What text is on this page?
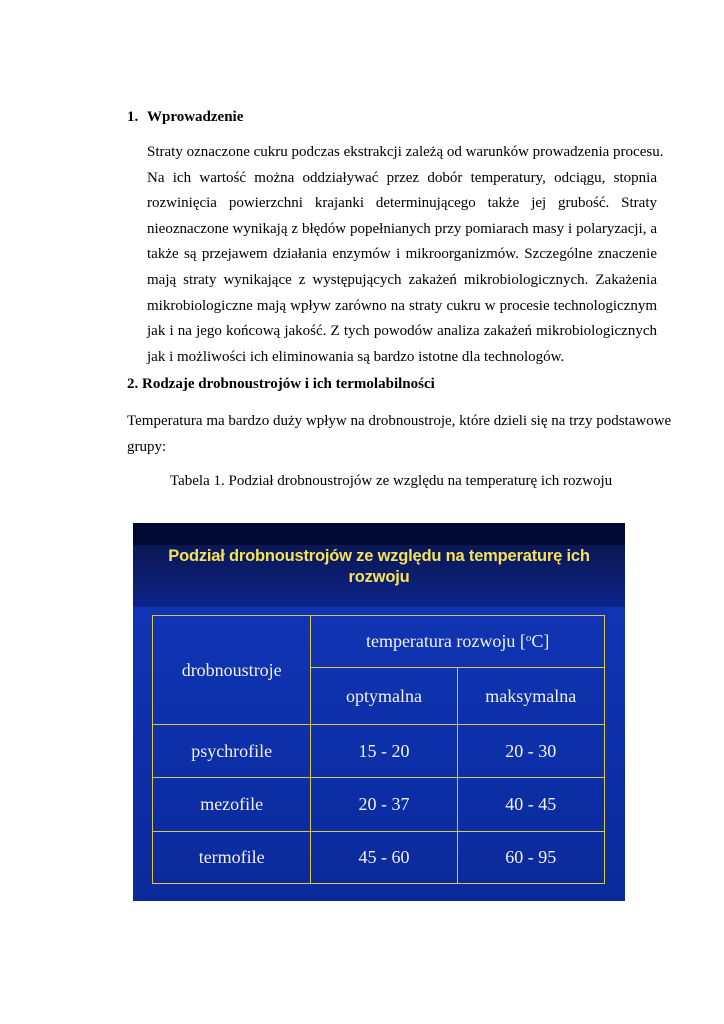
1. Wprowadzenie
Straty oznaczone cukru podczas ekstrakcji zależą od warunków prowadzenia procesu.
Na ich wartość można oddziaływać przez dobór temperatury, odciągu, stopnia
rozwinięcia powierzchni krajanki determinującego także jej grubość. Straty
nieoznaczone wynikają z błędów popełnianych przy pomiarach masy i polaryzacji, a
także są przejawem działania enzymów i mikroorganizmów. Szczególne znaczenie
mają straty wynikające z występujących zakażeń mikrobiologicznych. Zakażenia
mikrobiologiczne mają wpływ zarówno na straty cukru w procesie technologicznym
jak i na jego końcową jakość. Z tych powodów analiza zakażeń mikrobiologicznych
jak i możliwości ich eliminowania są bardzo istotne dla technologów.
2. Rodzaje drobnoustrojów i ich termolabilności
Temperatura ma bardzo duży wpływ na drobnoustroje, które dzieli się na trzy podstawowe
grupy:
Tabela 1. Podział drobnoustrojów ze względu na temperaturę ich rozwoju
Podział drobnoustrojów ze względu na temperaturę ich
rozwoju
drobnoustroje	temperatura rozwoju [$^o$C]	
	optymalna	maksymalna
psychrofile	15 - 20	20 - 30
mezofile	20 - 37	40 - 45
termofile	45 - 60	60 - 95
